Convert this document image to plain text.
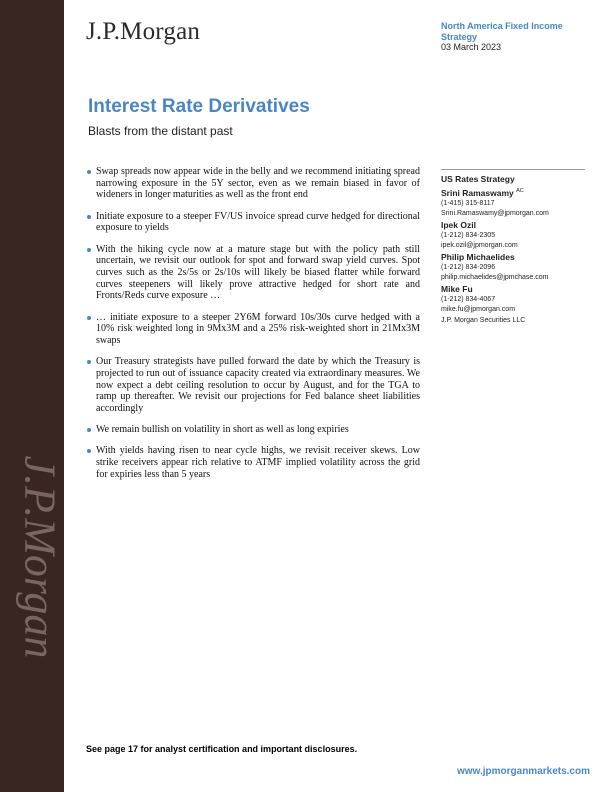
J.P.Morgan
J.P.Morgan	North America Fixed Income Strategy
03 March 2023
Interest Rate Derivatives
Blasts from the distant past
Swap spreads now appear wide in the belly and we recommend initiating spread narrowing exposure in the 5Y sector, even as we remain biased in favor of wideners in longer maturities as well as the front end
Initiate exposure to a steeper FV/US invoice spread curve hedged for directional exposure to yields
With the hiking cycle now at a mature stage but with the policy path still uncertain, we revisit our outlook for spot and forward swap yield curves. Spot curves such as the 2s/5s or 2s/10s will likely be biased flatter while forward curves steepeners will likely prove attractive hedged for short rate and Fronts/Reds curve exposure …
… initiate exposure to a steeper 2Y6M forward 10s/30s curve hedged with a 10% risk weighted long in 9Mx3M and a 25% risk-weighted short in 21Mx3M swaps
Our Treasury strategists have pulled forward the date by which the Treasury is projected to run out of issuance capacity created via extraordinary measures. We now expect a debt ceiling resolution to occur by August, and for the TGA to ramp up thereafter. We revisit our projections for Fed balance sheet liabilities accordingly
We remain bullish on volatility in short as well as long expiries
With yields having risen to near cycle highs, we revisit receiver skews. Low strike receivers appear rich relative to ATMF implied volatility across the grid for expiries less than 5 years
US Rates Strategy
Srini Ramaswamy $^{AC}$
(1-415) 315-8117
Srini.Ramaswamy@jpmorgan.com
Ipek Ozil
(1-212) 834-2305
ipek.ozil@jpmorgan.com
Philip Michaelides
(1-212) 834-2096
philip.michaelides@jpmchase.com
Mike Fu
(1-212) 834-4067
mike.fu@jpmorgan.com
J.P. Morgan Securities LLC
See page 17 for analyst certification and important disclosures.
www.jpmorganmarkets.com
